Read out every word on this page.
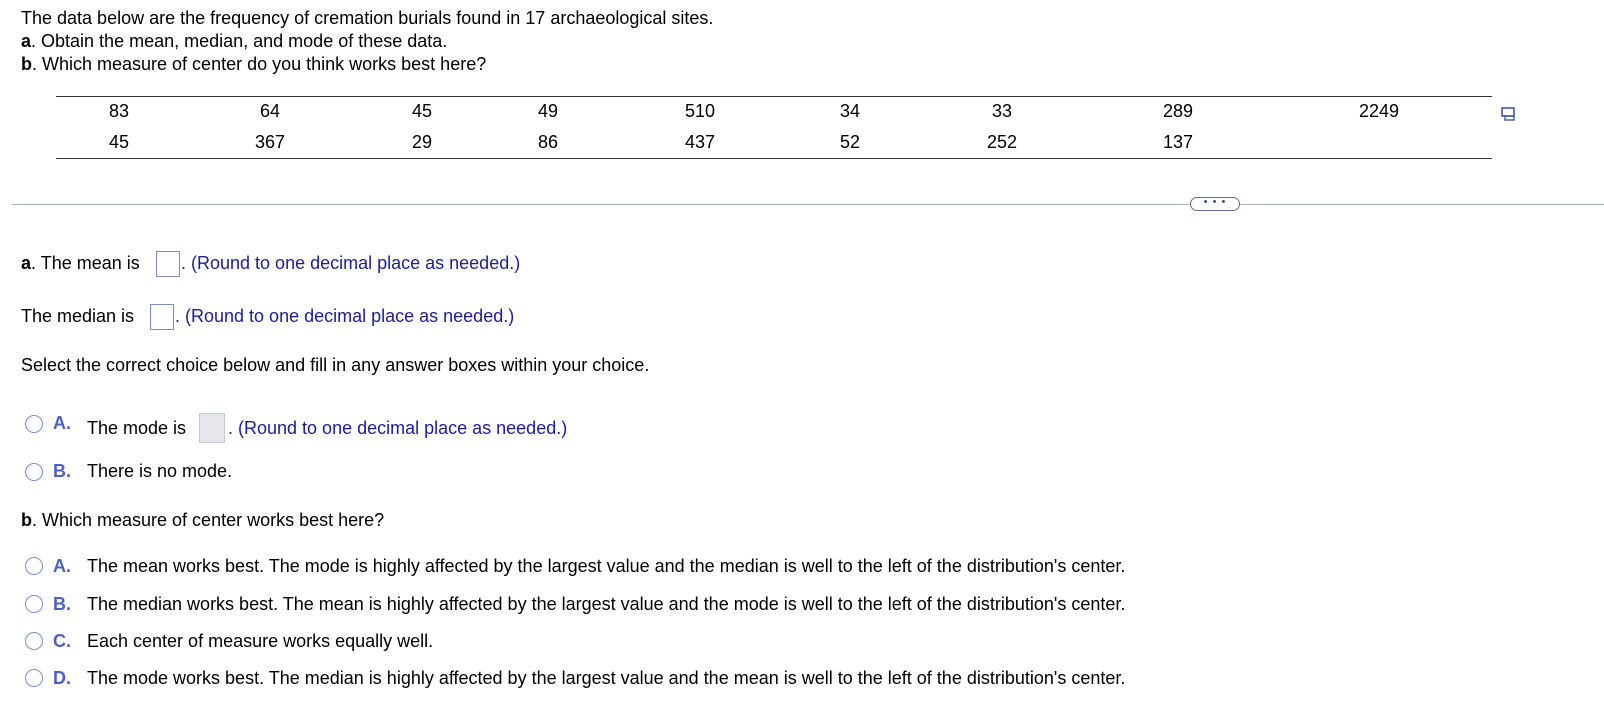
The data below are the frequency of cremation burials found in 17 archaeological sites.
a. Obtain the mean, median, and mode of these data.
b. Which measure of center do you think works best here?
83	64	45	49	510	34	33	289	2249
45	367	29	86	437	52	252	137
• • •
a. The mean is . (Round to one decimal place as needed.)
The median is . (Round to one decimal place as needed.)
Select the correct choice below and fill in any answer boxes within your choice.
A. The mode is . (Round to one decimal place as needed.)
B. There is no mode.
b. Which measure of center works best here?
A. The mean works best. The mode is highly affected by the largest value and the median is well to the left of the distribution's center.
B. The median works best. The mean is highly affected by the largest value and the mode is well to the left of the distribution's center.
C. Each center of measure works equally well.
D. The mode works best. The median is highly affected by the largest value and the mean is well to the left of the distribution's center.
